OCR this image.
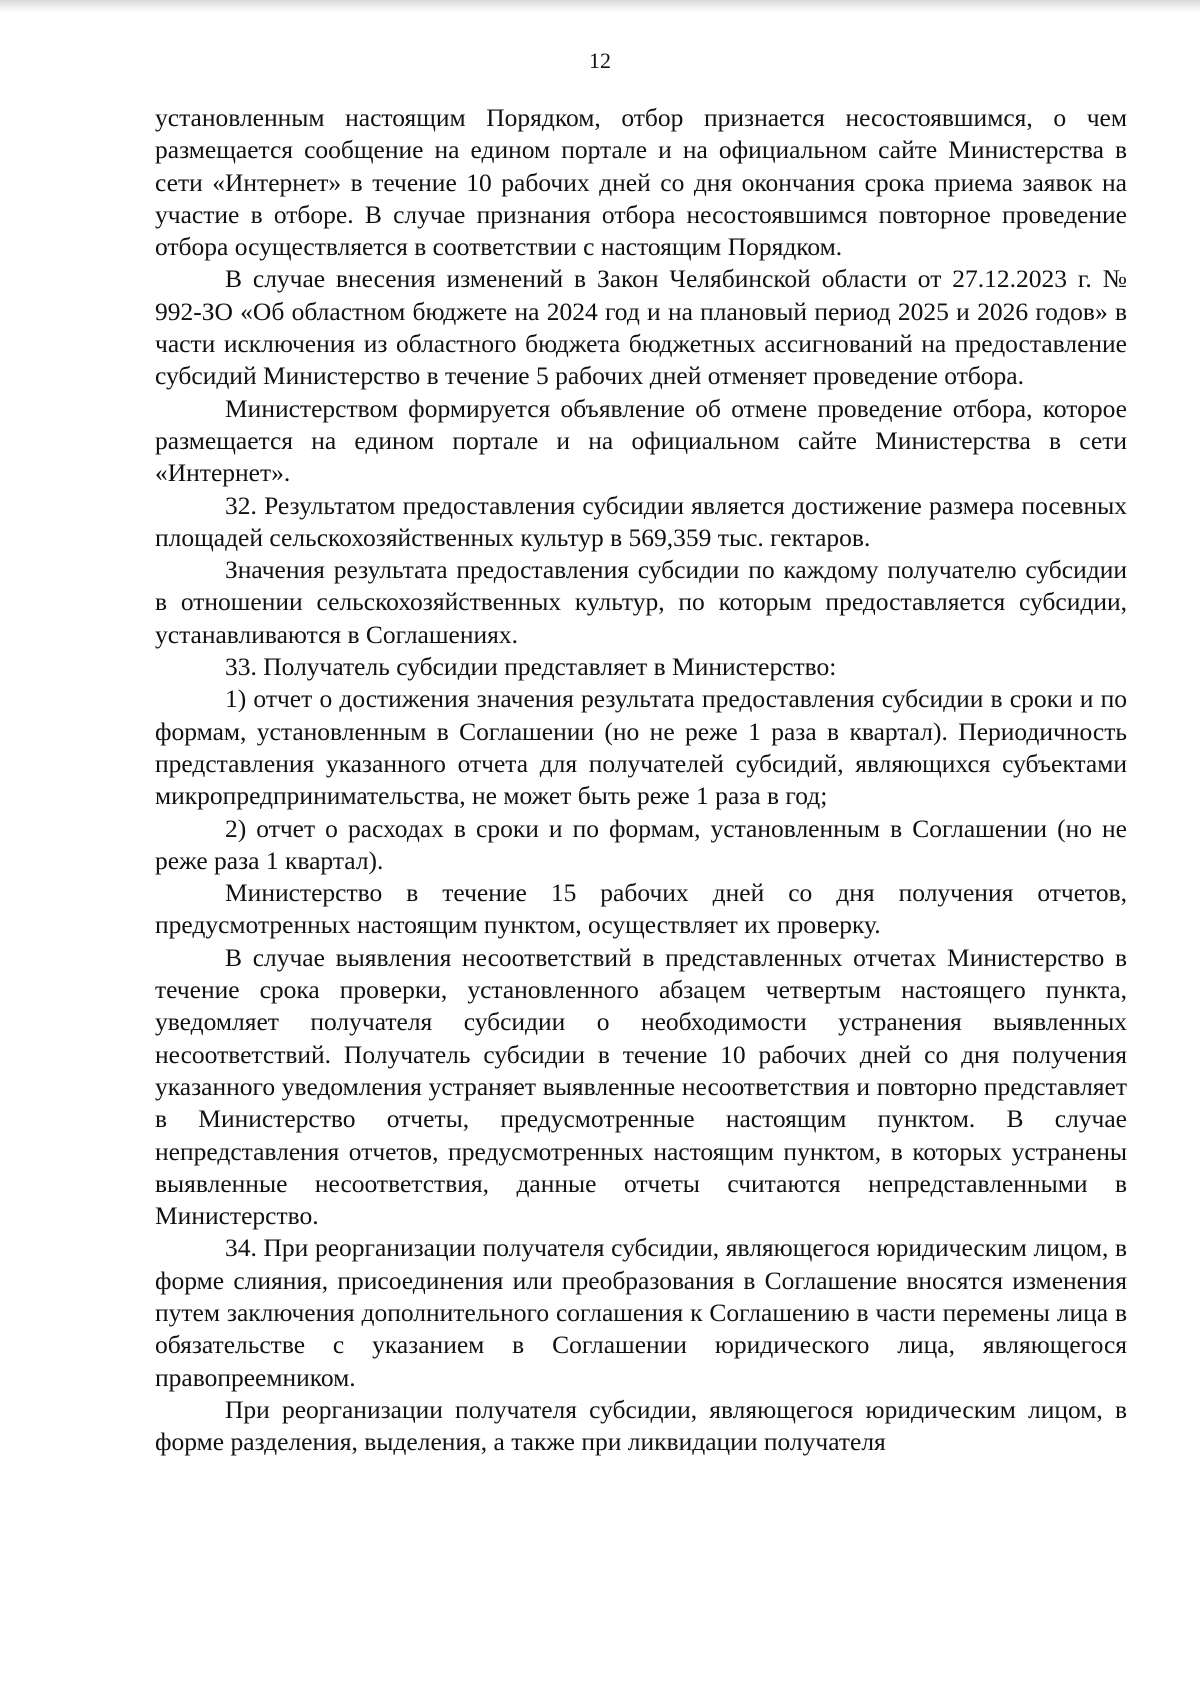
12

установленным настоящим Порядком, отбор признается несостоявшимся, о чем размещается сообщение на едином портале и на официальном сайте Министерства в сети «Интернет» в течение 10 рабочих дней со дня окончания срока приема заявок на участие в отборе. В случае признания отбора несостоявшимся повторное проведение отбора осуществляется в соответствии с настоящим Порядком.

В случае внесения изменений в Закон Челябинской области от 27.12.2023 г. № 992-ЗО «Об областном бюджете на 2024 год и на плановый период 2025 и 2026 годов» в части исключения из областного бюджета бюджетных ассигнований на предоставление субсидий Министерство в течение 5 рабочих дней отменяет проведение отбора.

Министерством формируется объявление об отмене проведение отбора, которое размещается на едином портале и на официальном сайте Министерства в сети «Интернет».

32. Результатом предоставления субсидии является достижение размера посевных площадей сельскохозяйственных культур в 569,359 тыс. гектаров.

Значения результата предоставления субсидии по каждому получателю субсидии в отношении сельскохозяйственных культур, по которым предоставляется субсидии, устанавливаются в Соглашениях.

33. Получатель субсидии представляет в Министерство:

1) отчет о достижения значения результата предоставления субсидии в сроки и по формам, установленным в Соглашении (но не реже 1 раза в квартал). Периодичность представления указанного отчета для получателей субсидий, являющихся субъектами микропредпринимательства, не может быть реже 1 раза в год;

2) отчет о расходах в сроки и по формам, установленным в Соглашении (но не реже раза 1 квартал).

Министерство в течение 15 рабочих дней со дня получения отчетов, предусмотренных настоящим пунктом, осуществляет их проверку.

В случае выявления несоответствий в представленных отчетах Министерство в течение срока проверки, установленного абзацем четвертым настоящего пункта, уведомляет получателя субсидии о необходимости устранения выявленных несоответствий. Получатель субсидии в течение 10 рабочих дней со дня получения указанного уведомления устраняет выявленные несоответствия и повторно представляет в Министерство отчеты, предусмотренные настоящим пунктом. В случае непредставления отчетов, предусмотренных настоящим пунктом, в которых устранены выявленные несоответствия, данные отчеты считаются непредставленными в Министерство.

34. При реорганизации получателя субсидии, являющегося юридическим лицом, в форме слияния, присоединения или преобразования в Соглашение вносятся изменения путем заключения дополнительного соглашения к Соглашению в части перемены лица в обязательстве с указанием в Соглашении юридического лица, являющегося правопреемником.

При реорганизации получателя субсидии, являющегося юридическим лицом, в форме разделения, выделения, а также при ликвидации получателя
